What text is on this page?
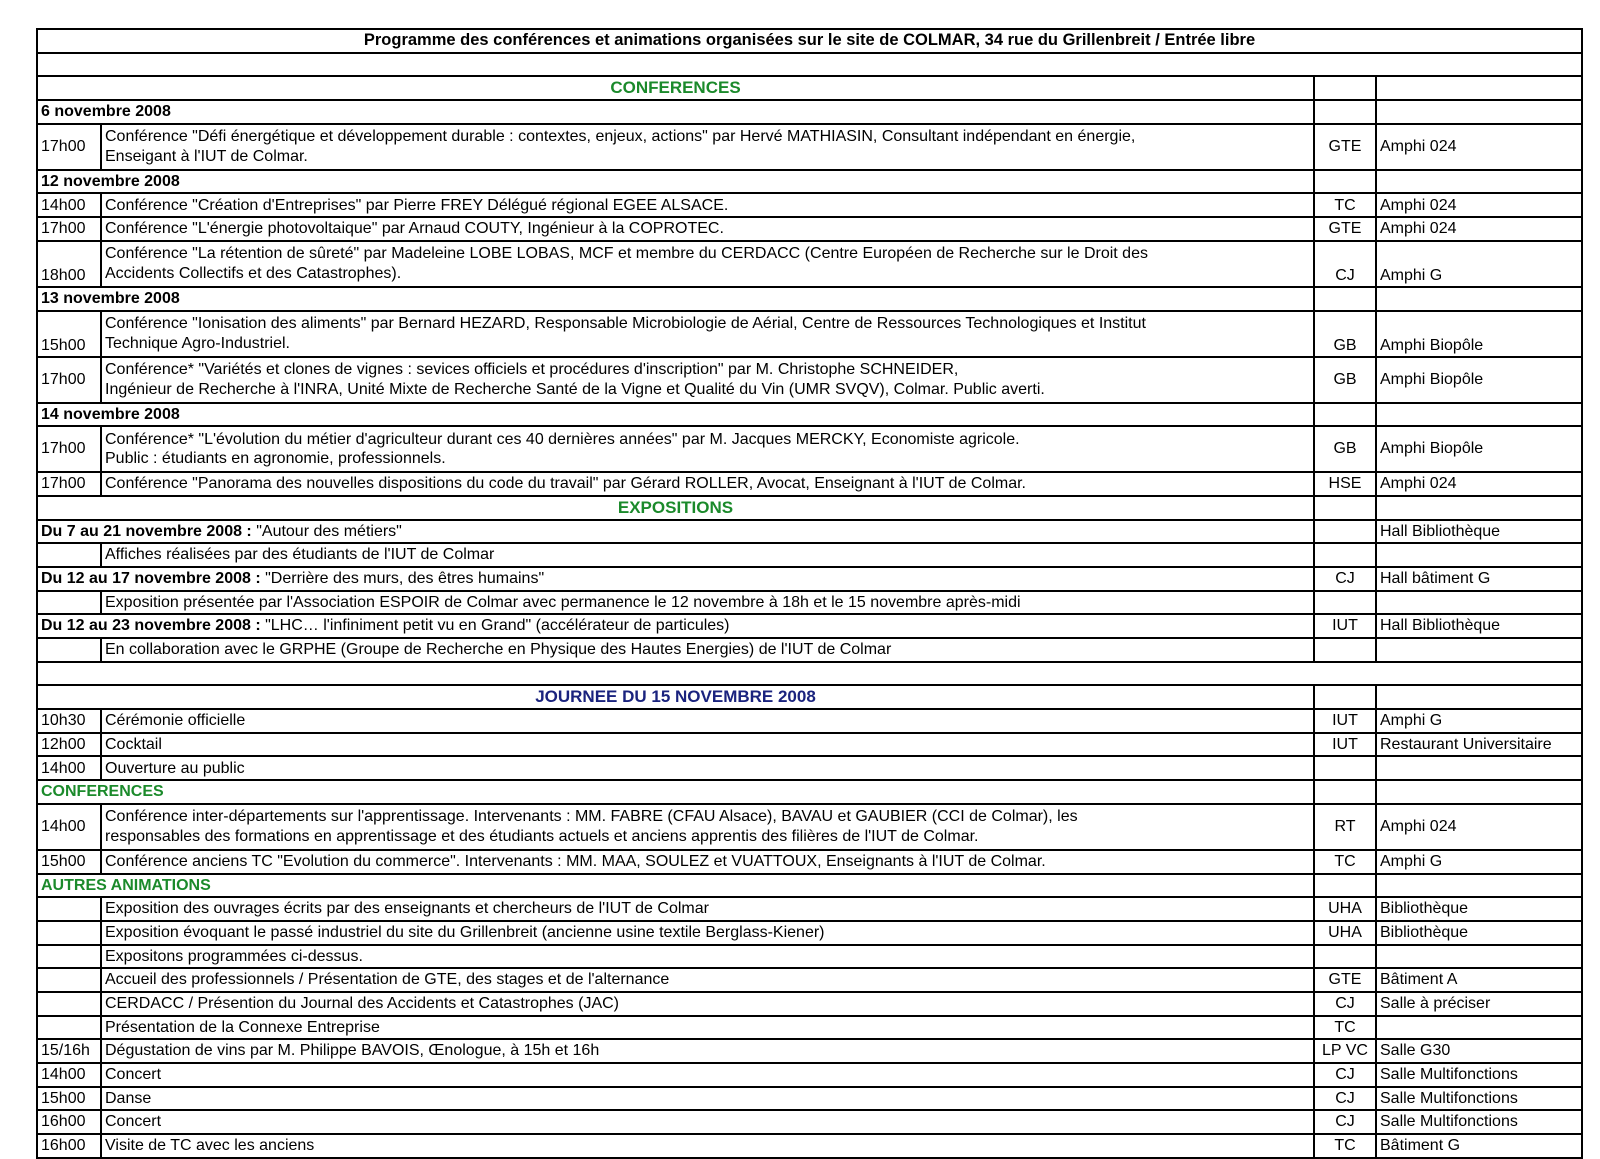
Programme des conférences et animations organisées sur le site de COLMAR, 34 rue du Grillenbreit / Entrée libre			

CONFERENCES			
6 novembre 2008			
17h00	Conférence "Défi énergétique et développement durable : contextes, enjeux, actions" par Hervé MATHIASIN, Consultant indépendant en énergie,
Enseigant à l'IUT de Colmar.	GTE	Amphi 024
12 novembre 2008			
14h00	Conférence "Création d'Entreprises" par Pierre FREY Délégué régional EGEE ALSACE.	TC	Amphi 024
17h00	Conférence "L'énergie photovoltaique" par Arnaud COUTY, Ingénieur à la COPROTEC.	GTE	Amphi 024
18h00	Conférence "La rétention de sûreté" par Madeleine LOBE LOBAS, MCF et membre du CERDACC (Centre Européen de Recherche sur le Droit des
Accidents Collectifs et des Catastrophes).	CJ	Amphi G
13 novembre 2008			
15h00	Conférence "Ionisation des aliments" par Bernard HEZARD, Responsable Microbiologie de Aérial, Centre de Ressources Technologiques et Institut
Technique Agro-Industriel.	GB	Amphi Biopôle
17h00	Conférence* "Variétés et clones de vignes : sevices officiels et procédures d'inscription" par M. Christophe SCHNEIDER,
Ingénieur de Recherche à l'INRA, Unité Mixte de Recherche Santé de la Vigne et Qualité du Vin (UMR SVQV), Colmar. Public averti.	GB	Amphi Biopôle
14 novembre 2008			
17h00	Conférence* "L'évolution du métier d'agriculteur durant ces 40 dernières années" par M. Jacques MERCKY, Economiste agricole.
Public : étudiants en agronomie, professionnels.	GB	Amphi Biopôle
17h00	Conférence "Panorama des nouvelles dispositions du code du travail" par Gérard ROLLER, Avocat, Enseignant à l'IUT de Colmar.	HSE	Amphi 024
EXPOSITIONS			
Du 7 au 21 novembre 2008 : "Autour des métiers"			Hall Bibliothèque
	Affiches réalisées par des étudiants de l'IUT de Colmar		
Du 12 au 17 novembre 2008 : "Derrière des murs, des êtres humains"		CJ	Hall bâtiment G
	Exposition présentée par l'Association ESPOIR de Colmar avec permanence le 12 novembre à 18h et le 15 novembre après-midi		
Du 12 au 23 novembre 2008 : "LHC… l'infiniment petit vu en Grand" (accélérateur de particules)		IUT	Hall Bibliothèque
	En collaboration avec le GRPHE (Groupe de Recherche en Physique des Hautes Energies) de l'IUT de Colmar		

JOURNEE DU 15 NOVEMBRE 2008			
10h30	Cérémonie officielle	IUT	Amphi G
12h00	Cocktail	IUT	Restaurant Universitaire
14h00	Ouverture au public		
CONFERENCES			
14h00	Conférence inter-départements sur l'apprentissage. Intervenants : MM. FABRE (CFAU Alsace), BAVAU et GAUBIER (CCI de Colmar), les
responsables des formations en apprentissage et des étudiants actuels et anciens apprentis des filières de l'IUT de Colmar.	RT	Amphi 024
15h00	Conférence anciens TC "Evolution du commerce". Intervenants : MM. MAA, SOULEZ et VUATTOUX, Enseignants à l'IUT de Colmar.	TC	Amphi G
AUTRES ANIMATIONS			
	Exposition des ouvrages écrits par des enseignants et chercheurs de l'IUT de Colmar	UHA	Bibliothèque
	Exposition évoquant le passé industriel du site du Grillenbreit (ancienne usine textile Berglass-Kiener)	UHA	Bibliothèque
	Expositons programmées ci-dessus.		
	Accueil des professionnels / Présentation de GTE, des stages et de l'alternance	GTE	Bâtiment A
	CERDACC / Présention du Journal des Accidents et Catastrophes (JAC)	CJ	Salle à préciser
	Présentation de la Connexe Entreprise	TC	
15/16h	Dégustation de vins par M. Philippe BAVOIS, Œnologue, à 15h et 16h	LP VC	Salle G30
14h00	Concert	CJ	Salle Multifonctions
15h00	Danse	CJ	Salle Multifonctions
16h00	Concert	CJ	Salle Multifonctions
16h00	Visite de TC avec les anciens	TC	Bâtiment G
